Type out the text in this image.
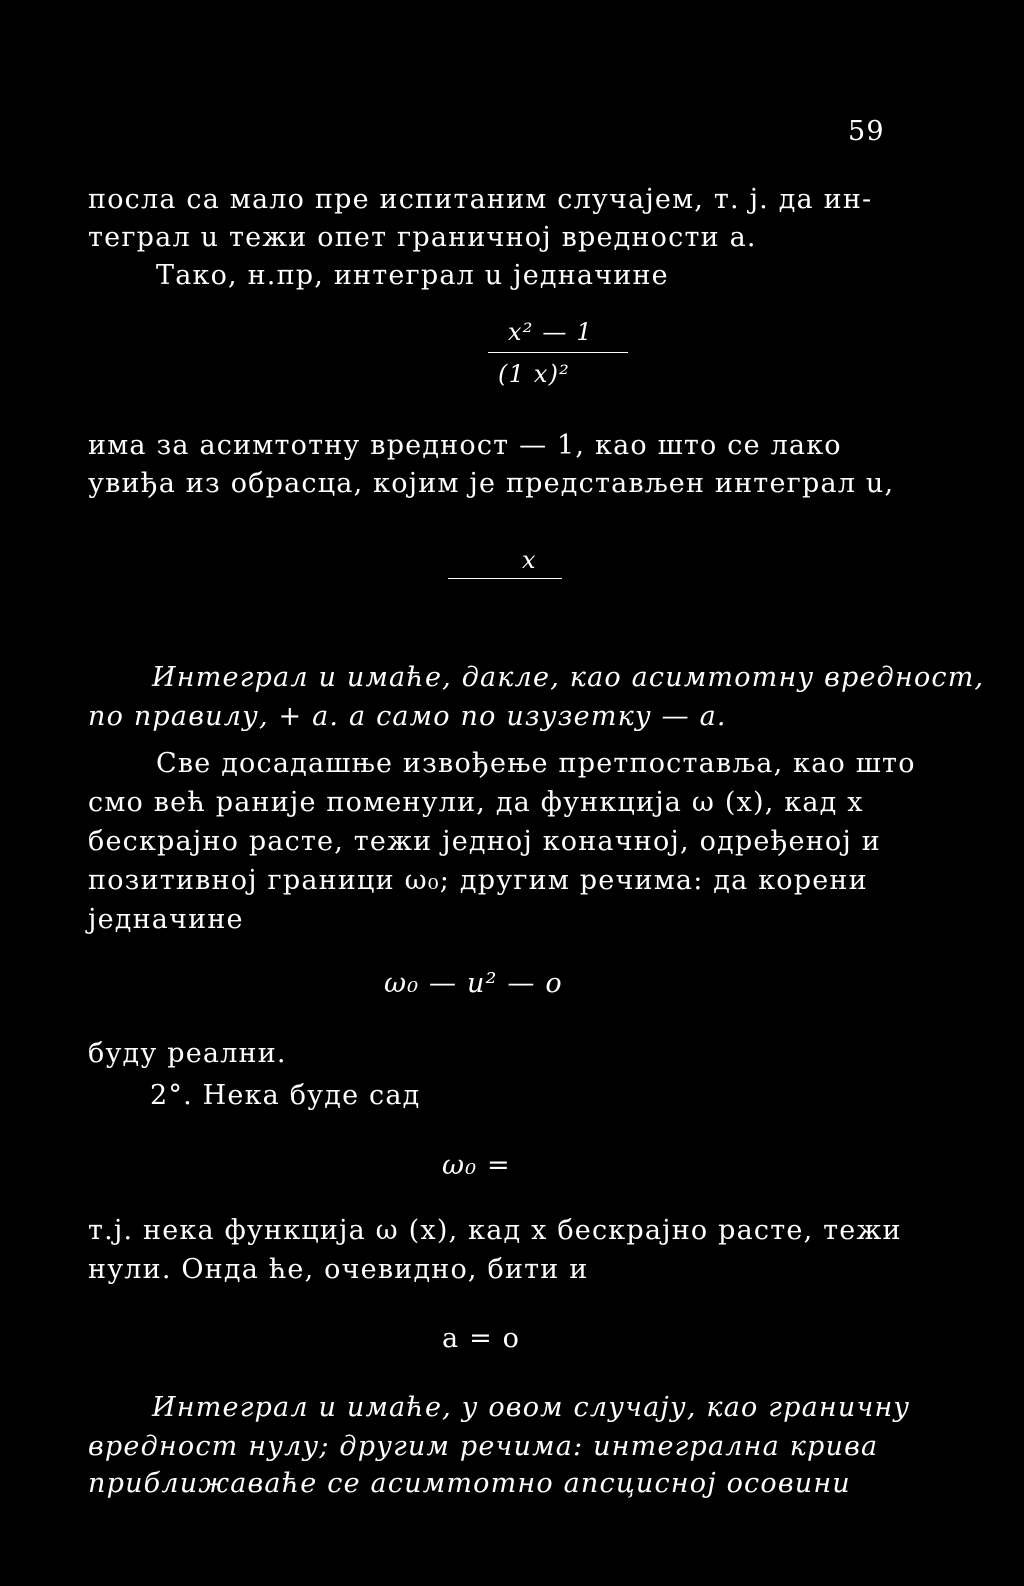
59
посла са мало пре испитаним случајем, т. ј. да ин-
теграл u тежи опет граничној вредности a.
Тако, н.пр, интеграл u једначине
x² — 1
(1 x)²
има за асимтотну вредност — 1, као што се лако
увиђа из обрасца, којим је представљен интеграл u,
x
Интеграл u имаће, дакле, као асимтотну вредност,
по правилу, + a. а само по изузетку — a.
Све досадашње извођење претпоставља, као што
смо већ раније поменули, да функција ω (x), кад x
бескрајно расте, тежи једној коначној, одређеној и
позитивној граници ω₀; другим речима: да корени
једначине
ω₀ — u² — o
буду реални.
2°. Нека буде сад
ω₀ =
т.ј. нека функција ω (x), кад x бескрајно расте, тежи
нули. Онда ће, очевидно, бити и
a = o
Интеграл u имаће, у овом случају, као граничну
вредност нулу; другим речима: интегрална крива
приближаваће се асимтотно апсцисној осовини
